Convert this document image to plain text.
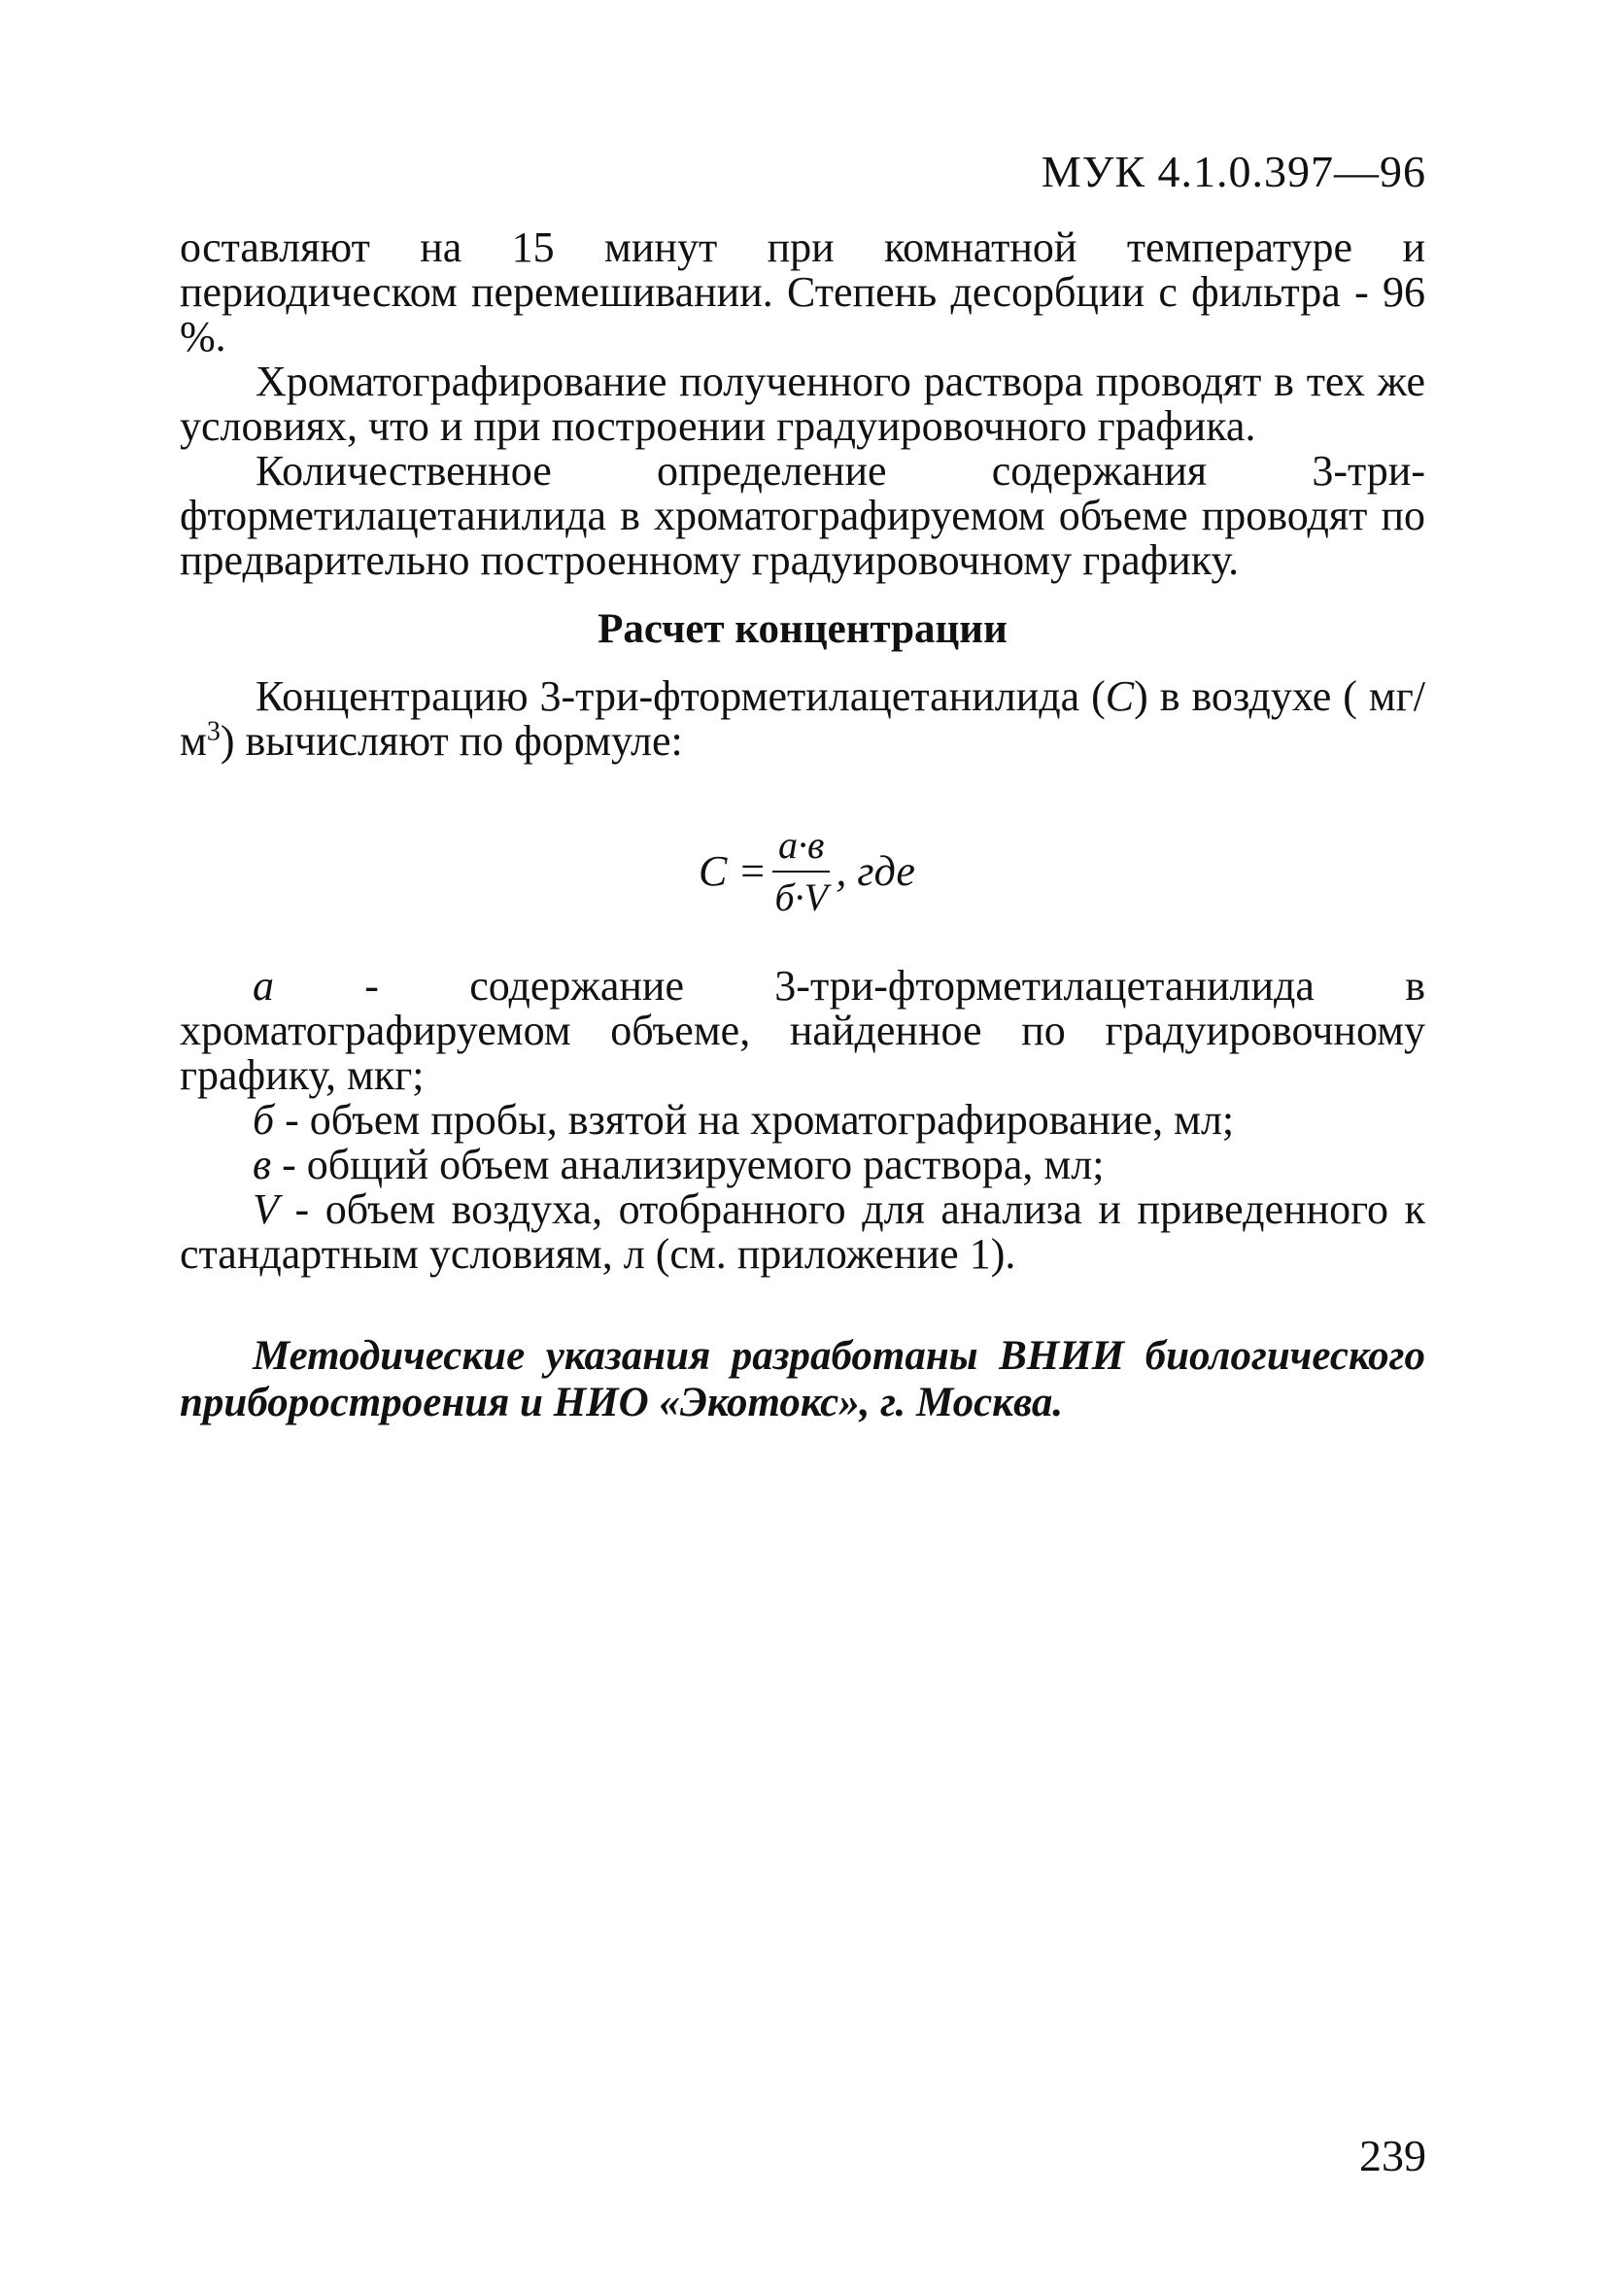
МУК 4.1.0.397—96

оставляют на 15 минут при комнатной температуре и периодическом перемешивании. Степень десорбции с фильтра - 96 %.

Хроматографирование полученного раствора проводят в тех же условиях, что и при построении градуировочного графика.

Количественное определение содержания 3-три-фторметилацетанилида в хроматографируемом объеме проводят по предварительно построенному градуировочному графику.

Расчет концентрации

Концентрацию 3-три-фторметилацетанилида (С) в воздухе ( $мг/м^3$) вычисляют по формуле:

$С = \frac{а\cdot в}{б\cdot V}$ , где

а - содержание 3-три-фторметилацетанилида в хроматографируемом объеме, найденное по градуировочному графику, мкг;

б - объем пробы, взятой на хроматографирование, мл;

в - общий объем анализируемого раствора, мл;

V - объем воздуха, отобранного для анализа и приведенного к стандартным условиям, л (см. приложение 1).

Методические указания разработаны ВНИИ биологического приборостроения и НИО «Экотокс», г. Москва.

239
